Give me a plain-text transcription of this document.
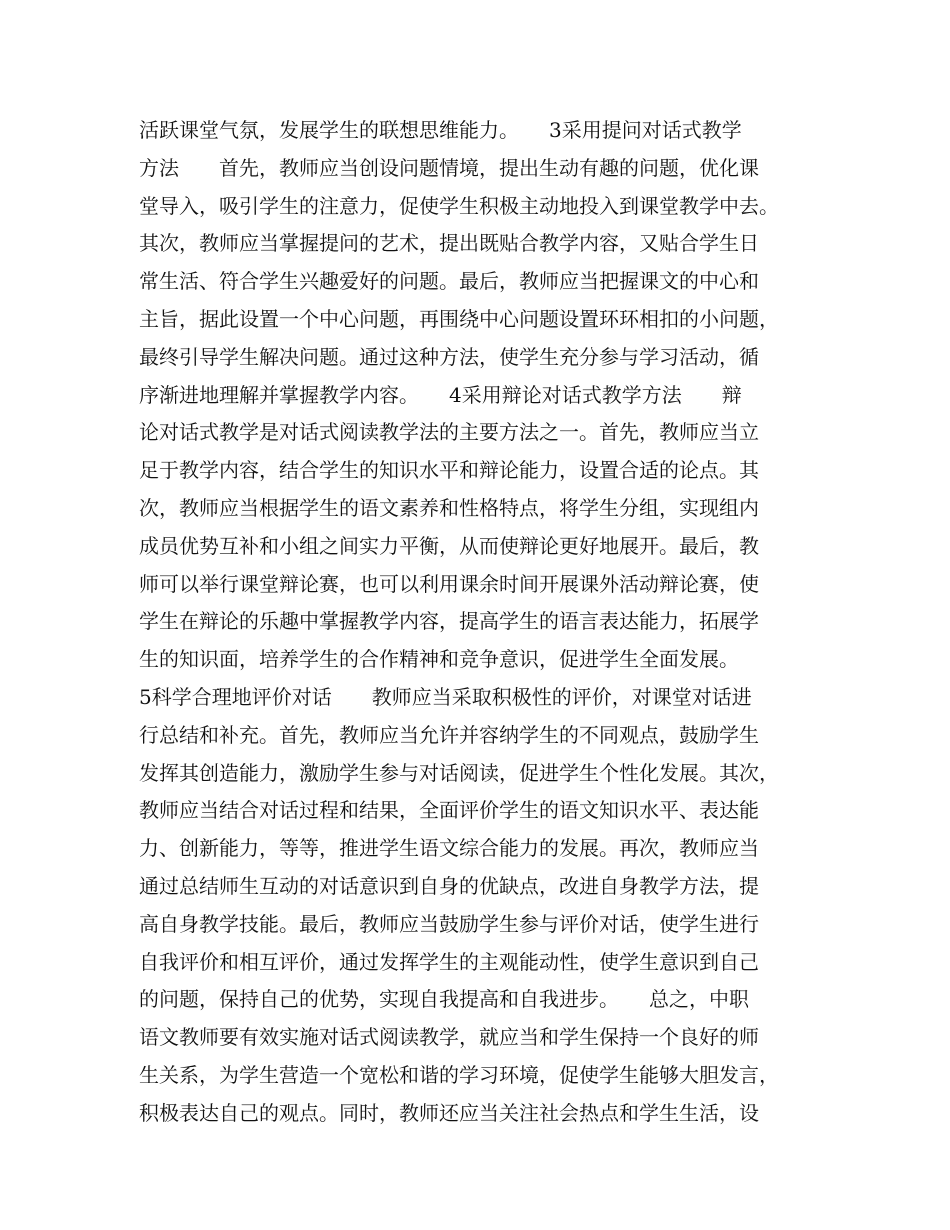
活跃课堂气氛，发展学生的联想思维能力。　　3采用提问对话式教学
方法　　首先，教师应当创设问题情境，提出生动有趣的问题，优化课
堂导入，吸引学生的注意力，促使学生积极主动地投入到课堂教学中去。
其次，教师应当掌握提问的艺术，提出既贴合教学内容，又贴合学生日
常生活、符合学生兴趣爱好的问题。最后，教师应当把握课文的中心和
主旨，据此设置一个中心问题，再围绕中心问题设置环环相扣的小问题，
最终引导学生解决问题。通过这种方法，使学生充分参与学习活动，循
序渐进地理解并掌握教学内容。　　4采用辩论对话式教学方法　　辩
论对话式教学是对话式阅读教学法的主要方法之一。首先，教师应当立
足于教学内容，结合学生的知识水平和辩论能力，设置合适的论点。其
次，教师应当根据学生的语文素养和性格特点，将学生分组，实现组内
成员优势互补和小组之间实力平衡，从而使辩论更好地展开。最后，教
师可以举行课堂辩论赛，也可以利用课余时间开展课外活动辩论赛，使
学生在辩论的乐趣中掌握教学内容，提高学生的语言表达能力，拓展学
生的知识面，培养学生的合作精神和竞争意识，促进学生全面发展。
5科学合理地评价对话　　教师应当采取积极性的评价，对课堂对话进
行总结和补充。首先，教师应当允许并容纳学生的不同观点，鼓励学生
发挥其创造能力，激励学生参与对话阅读，促进学生个性化发展。其次，
教师应当结合对话过程和结果，全面评价学生的语文知识水平、表达能
力、创新能力，等等，推进学生语文综合能力的发展。再次，教师应当
通过总结师生互动的对话意识到自身的优缺点，改进自身教学方法，提
高自身教学技能。最后，教师应当鼓励学生参与评价对话，使学生进行
自我评价和相互评价，通过发挥学生的主观能动性，使学生意识到自己
的问题，保持自己的优势，实现自我提高和自我进步。　　总之，中职
语文教师要有效实施对话式阅读教学，就应当和学生保持一个良好的师
生关系，为学生营造一个宽松和谐的学习环境，促使学生能够大胆发言，
积极表达自己的观点。同时，教师还应当关注社会热点和学生生活，设
